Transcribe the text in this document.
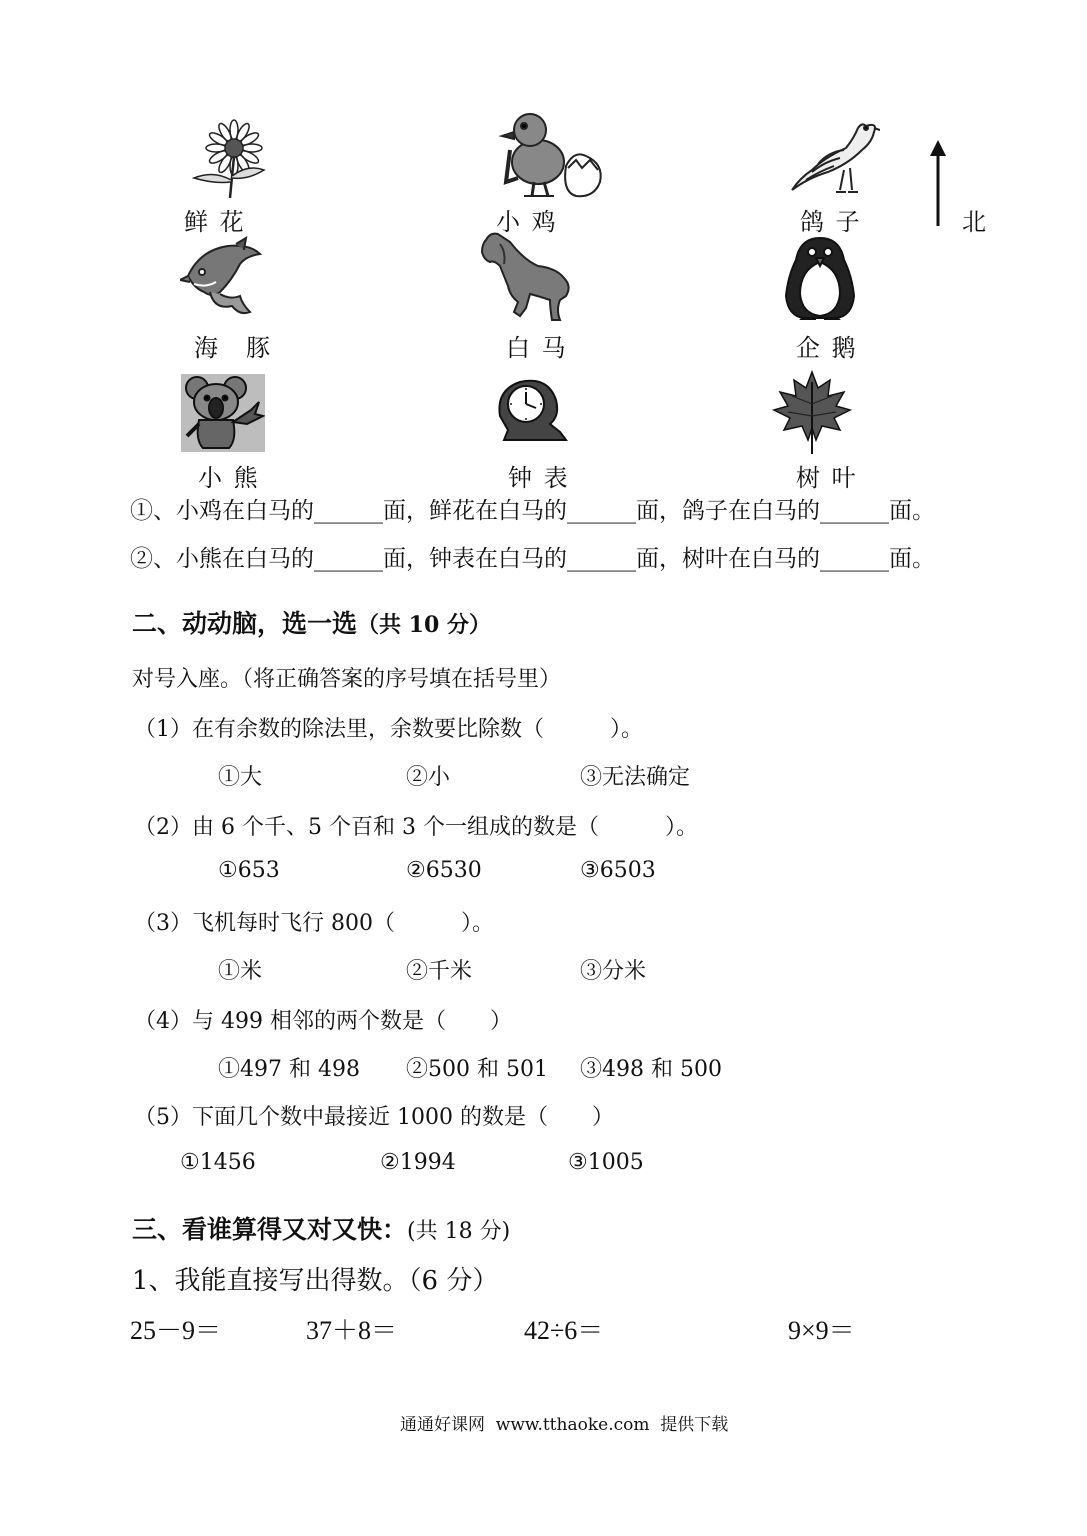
北
鲜 花	小 鸡	鸽 子
海　豚	白 马	企 鹅
小 熊	钟 表	树 叶
①、小鸡在白马的______面，鲜花在白马的______面，鸽子在白马的______面。
②、小熊在白马的______面，钟表在白马的______面，树叶在白马的______面。
二、动动脑，选一选（共 10 分）
对号入座。（将正确答案的序号填在括号里）
（1）在有余数的除法里，余数要比除数（　　　）。
①大	②小	③无法确定
（2）由 6 个千、5 个百和 3 个一组成的数是（　　　）。
①653	②6530	③6503
（3）飞机每时飞行 800（　　　）。
①米	②千米	③分米
（4）与 499 相邻的两个数是（　　）
①497 和 498 ②500 和 501 ③498 和 500
（5）下面几个数中最接近 1000 的数是（　　）
①1456	②1994	③1005
三、看谁算得又对又快：(共 18 分)
1、我能直接写出得数。（6 分）
25－9＝	37＋8＝	42÷6＝	9×9＝
通通好课网  www.tthaoke.com  提供下载
